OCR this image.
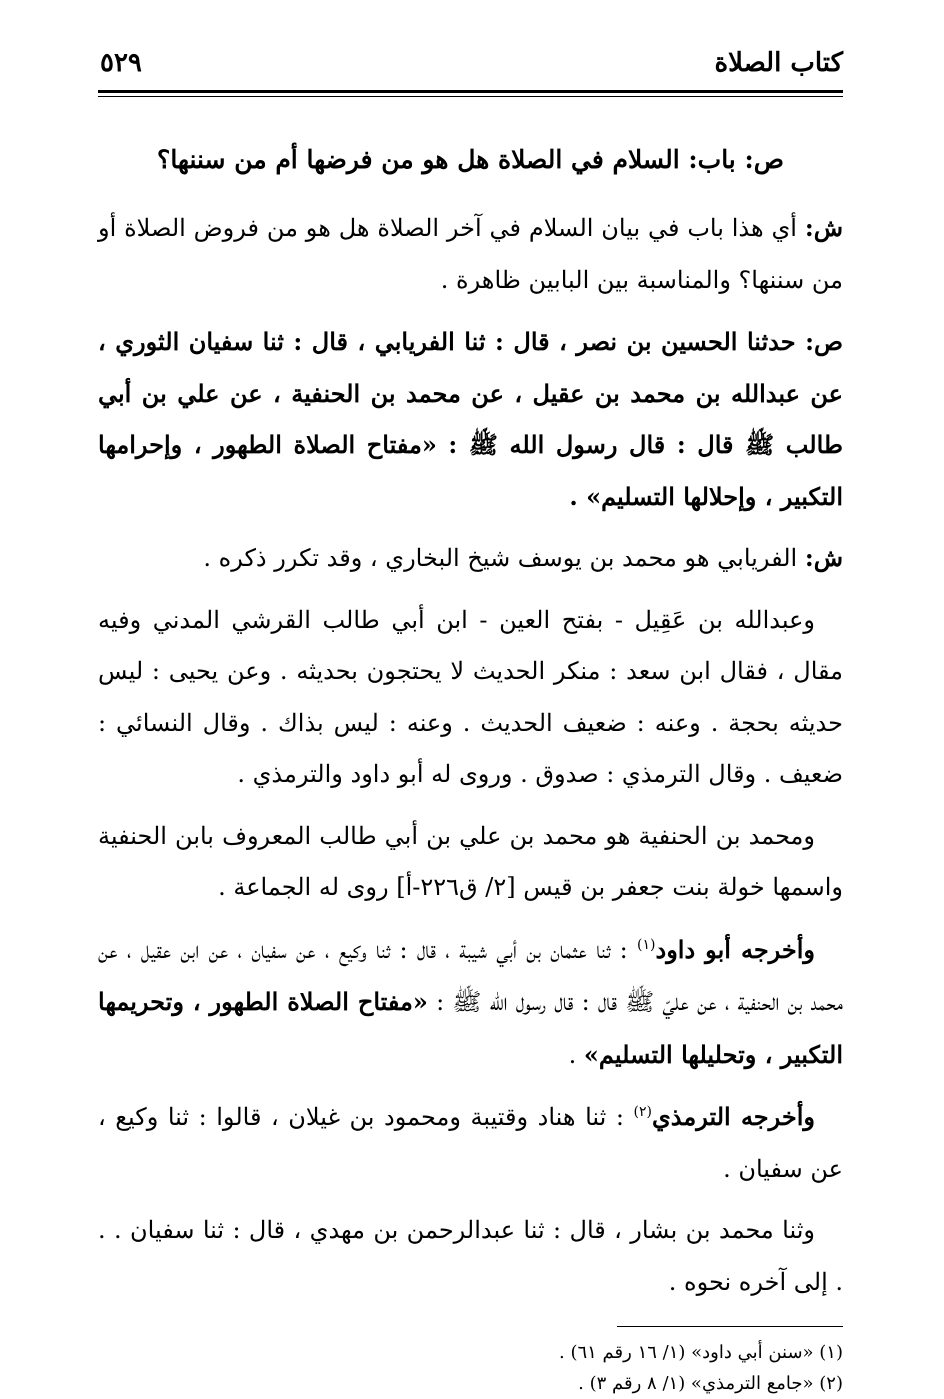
كتاب الصلاة
٥٢٩
ص: باب: السلام في الصلاة هل هو من فرضها أم من سننها؟

ش: أي هذا باب في بيان السلام في آخر الصلاة هل هو من فروض الصلاة أو من سننها؟ والمناسبة بين البابين ظاهرة .

ص: حدثنا الحسين بن نصر ، قال : ثنا الفريابي ، قال : ثنا سفيان الثوري ، عن عبدالله بن محمد بن عقيل ، عن محمد بن الحنفية ، عن علي بن أبي طالب ﷺ قال : قال رسول الله ﷺ : «مفتاح الصلاة الطهور ، وإحرامها التكبير ، وإحلالها التسليم» .

ش: الفريابي هو محمد بن يوسف شيخ البخاري ، وقد تكرر ذكره .

وعبدالله بن عَقِيل - بفتح العين - ابن أبي طالب القرشي المدني وفيه مقال ، فقال ابن سعد : منكر الحديث لا يحتجون بحديثه . وعن يحيى : ليس حديثه بحجة . وعنه : ضعيف الحديث . وعنه : ليس بذاك . وقال النسائي : ضعيف . وقال الترمذي : صدوق . وروى له أبو داود والترمذي .

ومحمد بن الحنفية هو محمد بن علي بن أبي طالب المعروف بابن الحنفية واسمها خولة بنت جعفر بن قيس [٢/ ق٢٢٦-أ] روى له الجماعة .

وأخرجه أبو داود$^{(١)}$ : ثنا عثمان بن أبي شيبة ، قال : ثنا وكيع ، عن سفيان ، عن ابن عقيل ، عن محمد بن الحنفية ، عن عليّ ﷺ قال : قال رسول الله ﷺ : «مفتاح الصلاة الطهور ، وتحريمها التكبير ، وتحليلها التسليم» .

وأخرجه الترمذي$^{(٢)}$ : ثنا هناد وقتيبة ومحمود بن غيلان ، قالوا : ثنا وكيع ، عن سفيان .

وثنا محمد بن بشار ، قال : ثنا عبدالرحمن بن مهدي ، قال : ثنا سفيان . . . إلى آخره نحوه .

(١) «سنن أبي داود» (١/ ١٦ رقم ٦١) .

(٢) «جامع الترمذي» (١/ ٨ رقم ٣) .
